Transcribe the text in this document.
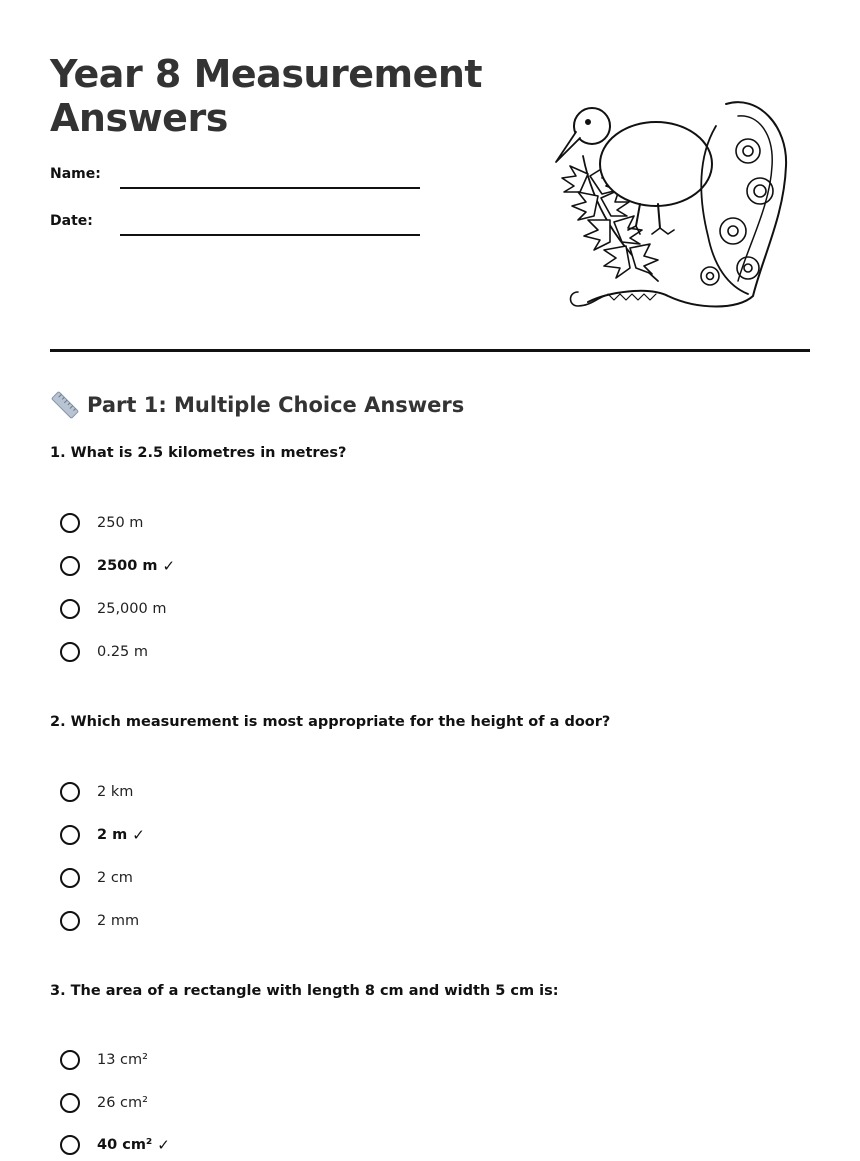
Year 8 Measurement
Answers
Name:
Date:
Part 1: Multiple Choice Answers
1. What is 2.5 kilometres in metres?
250 m
2500 m ✓
25,000 m
0.25 m
2. Which measurement is most appropriate for the height of a door?
2 km
2 m ✓
2 cm
2 mm
3. The area of a rectangle with length 8 cm and width 5 cm is:
13 cm²
26 cm²
40 cm² ✓
